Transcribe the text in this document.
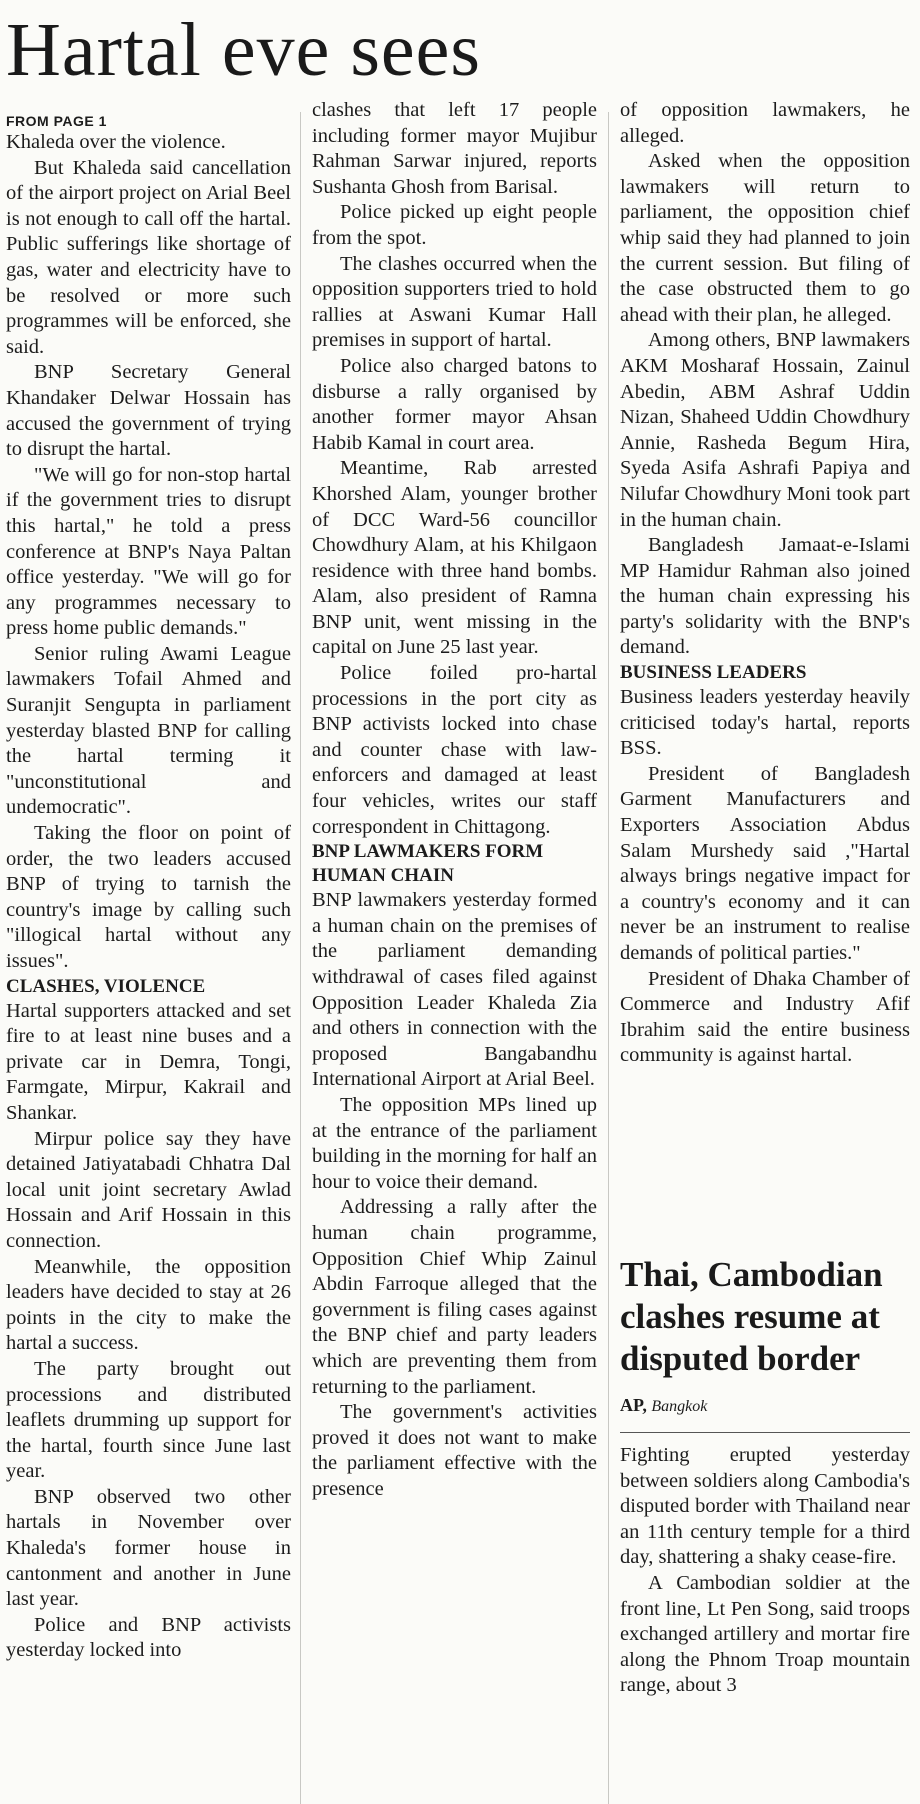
Hartal eve sees
FROM PAGE 1

Khaleda over the violence.

But Khaleda said cancellation of the airport project on Arial Beel is not enough to call off the hartal. Public sufferings like shortage of gas, water and electricity have to be resolved or more such programmes will be enforced, she said.

BNP Secretary General Khandaker Delwar Hossain has accused the government of trying to disrupt the hartal.

"We will go for non-stop hartal if the government tries to disrupt this hartal," he told a press conference at BNP's Naya Paltan office yesterday. "We will go for any programmes necessary to press home public demands."

Senior ruling Awami League lawmakers Tofail Ahmed and Suranjit Sengupta in parliament yesterday blasted BNP for calling the hartal terming it "unconstitutional and undemocratic".

Taking the floor on point of order, the two leaders accused BNP of trying to tarnish the country's image by calling such "illogical hartal without any issues".

CLASHES, VIOLENCE

Hartal supporters attacked and set fire to at least nine buses and a private car in Demra, Tongi, Farmgate, Mirpur, Kakrail and Shankar.

Mirpur police say they have detained Jatiyatabadi Chhatra Dal local unit joint secretary Awlad Hossain and Arif Hossain in this connection.

Meanwhile, the opposition leaders have decided to stay at 26 points in the city to make the hartal a success.

The party brought out processions and distributed leaflets drumming up support for the hartal, fourth since June last year.

BNP observed two other hartals in November over Khaleda's former house in cantonment and another in June last year.

Police and BNP activists yesterday locked into

clashes that left 17 people including former mayor Mujibur Rahman Sarwar injured, reports Sushanta Ghosh from Barisal.

Police picked up eight people from the spot.

The clashes occurred when the opposition supporters tried to hold rallies at Aswani Kumar Hall premises in support of hartal.

Police also charged batons to disburse a rally organised by another former mayor Ahsan Habib Kamal in court area.

Meantime, Rab arrested Khorshed Alam, younger brother of DCC Ward-56 councillor Chowdhury Alam, at his Khilgaon residence with three hand bombs. Alam, also president of Ramna BNP unit, went missing in the capital on June 25 last year.

Police foiled pro-hartal processions in the port city as BNP activists locked into chase and counter chase with law-enforcers and damaged at least four vehicles, writes our staff correspondent in Chittagong.

BNP LAWMAKERS FORM HUMAN CHAIN

BNP lawmakers yesterday formed a human chain on the premises of the parliament demanding withdrawal of cases filed against Opposition Leader Khaleda Zia and others in connection with the proposed Bangabandhu International Airport at Arial Beel.

The opposition MPs lined up at the entrance of the parliament building in the morning for half an hour to voice their demand.

Addressing a rally after the human chain programme, Opposition Chief Whip Zainul Abdin Farroque alleged that the government is filing cases against the BNP chief and party leaders which are preventing them from returning to the parliament.

The government's activities proved it does not want to make the parliament effective with the presence

of opposition lawmakers, he alleged.

Asked when the opposition lawmakers will return to parliament, the opposition chief whip said they had planned to join the current session. But filing of the case obstructed them to go ahead with their plan, he alleged.

Among others, BNP lawmakers AKM Mosharaf Hossain, Zainul Abedin, ABM Ashraf Uddin Nizan, Shaheed Uddin Chowdhury Annie, Rasheda Begum Hira, Syeda Asifa Ashrafi Papiya and Nilufar Chowdhury Moni took part in the human chain.

Bangladesh Jamaat-e-Islami MP Hamidur Rahman also joined the human chain expressing his party's solidarity with the BNP's demand.

BUSINESS LEADERS

Business leaders yesterday heavily criticised today's hartal, reports BSS.

President of Bangladesh Garment Manufacturers and Exporters Association Abdus Salam Murshedy said ,"Hartal always brings negative impact for a country's economy and it can never be an instrument to realise demands of political parties."

President of Dhaka Chamber of Commerce and Industry Afif Ibrahim said the entire business community is against hartal.

Thai, Cambodian clashes resume at disputed border
AP, Bangkok

Fighting erupted yesterday between soldiers along Cambodia's disputed border with Thailand near an 11th century temple for a third day, shattering a shaky cease-fire.

A Cambodian soldier at the front line, Lt Pen Song, said troops exchanged artillery and mortar fire along the Phnom Troap mountain range, about 3
